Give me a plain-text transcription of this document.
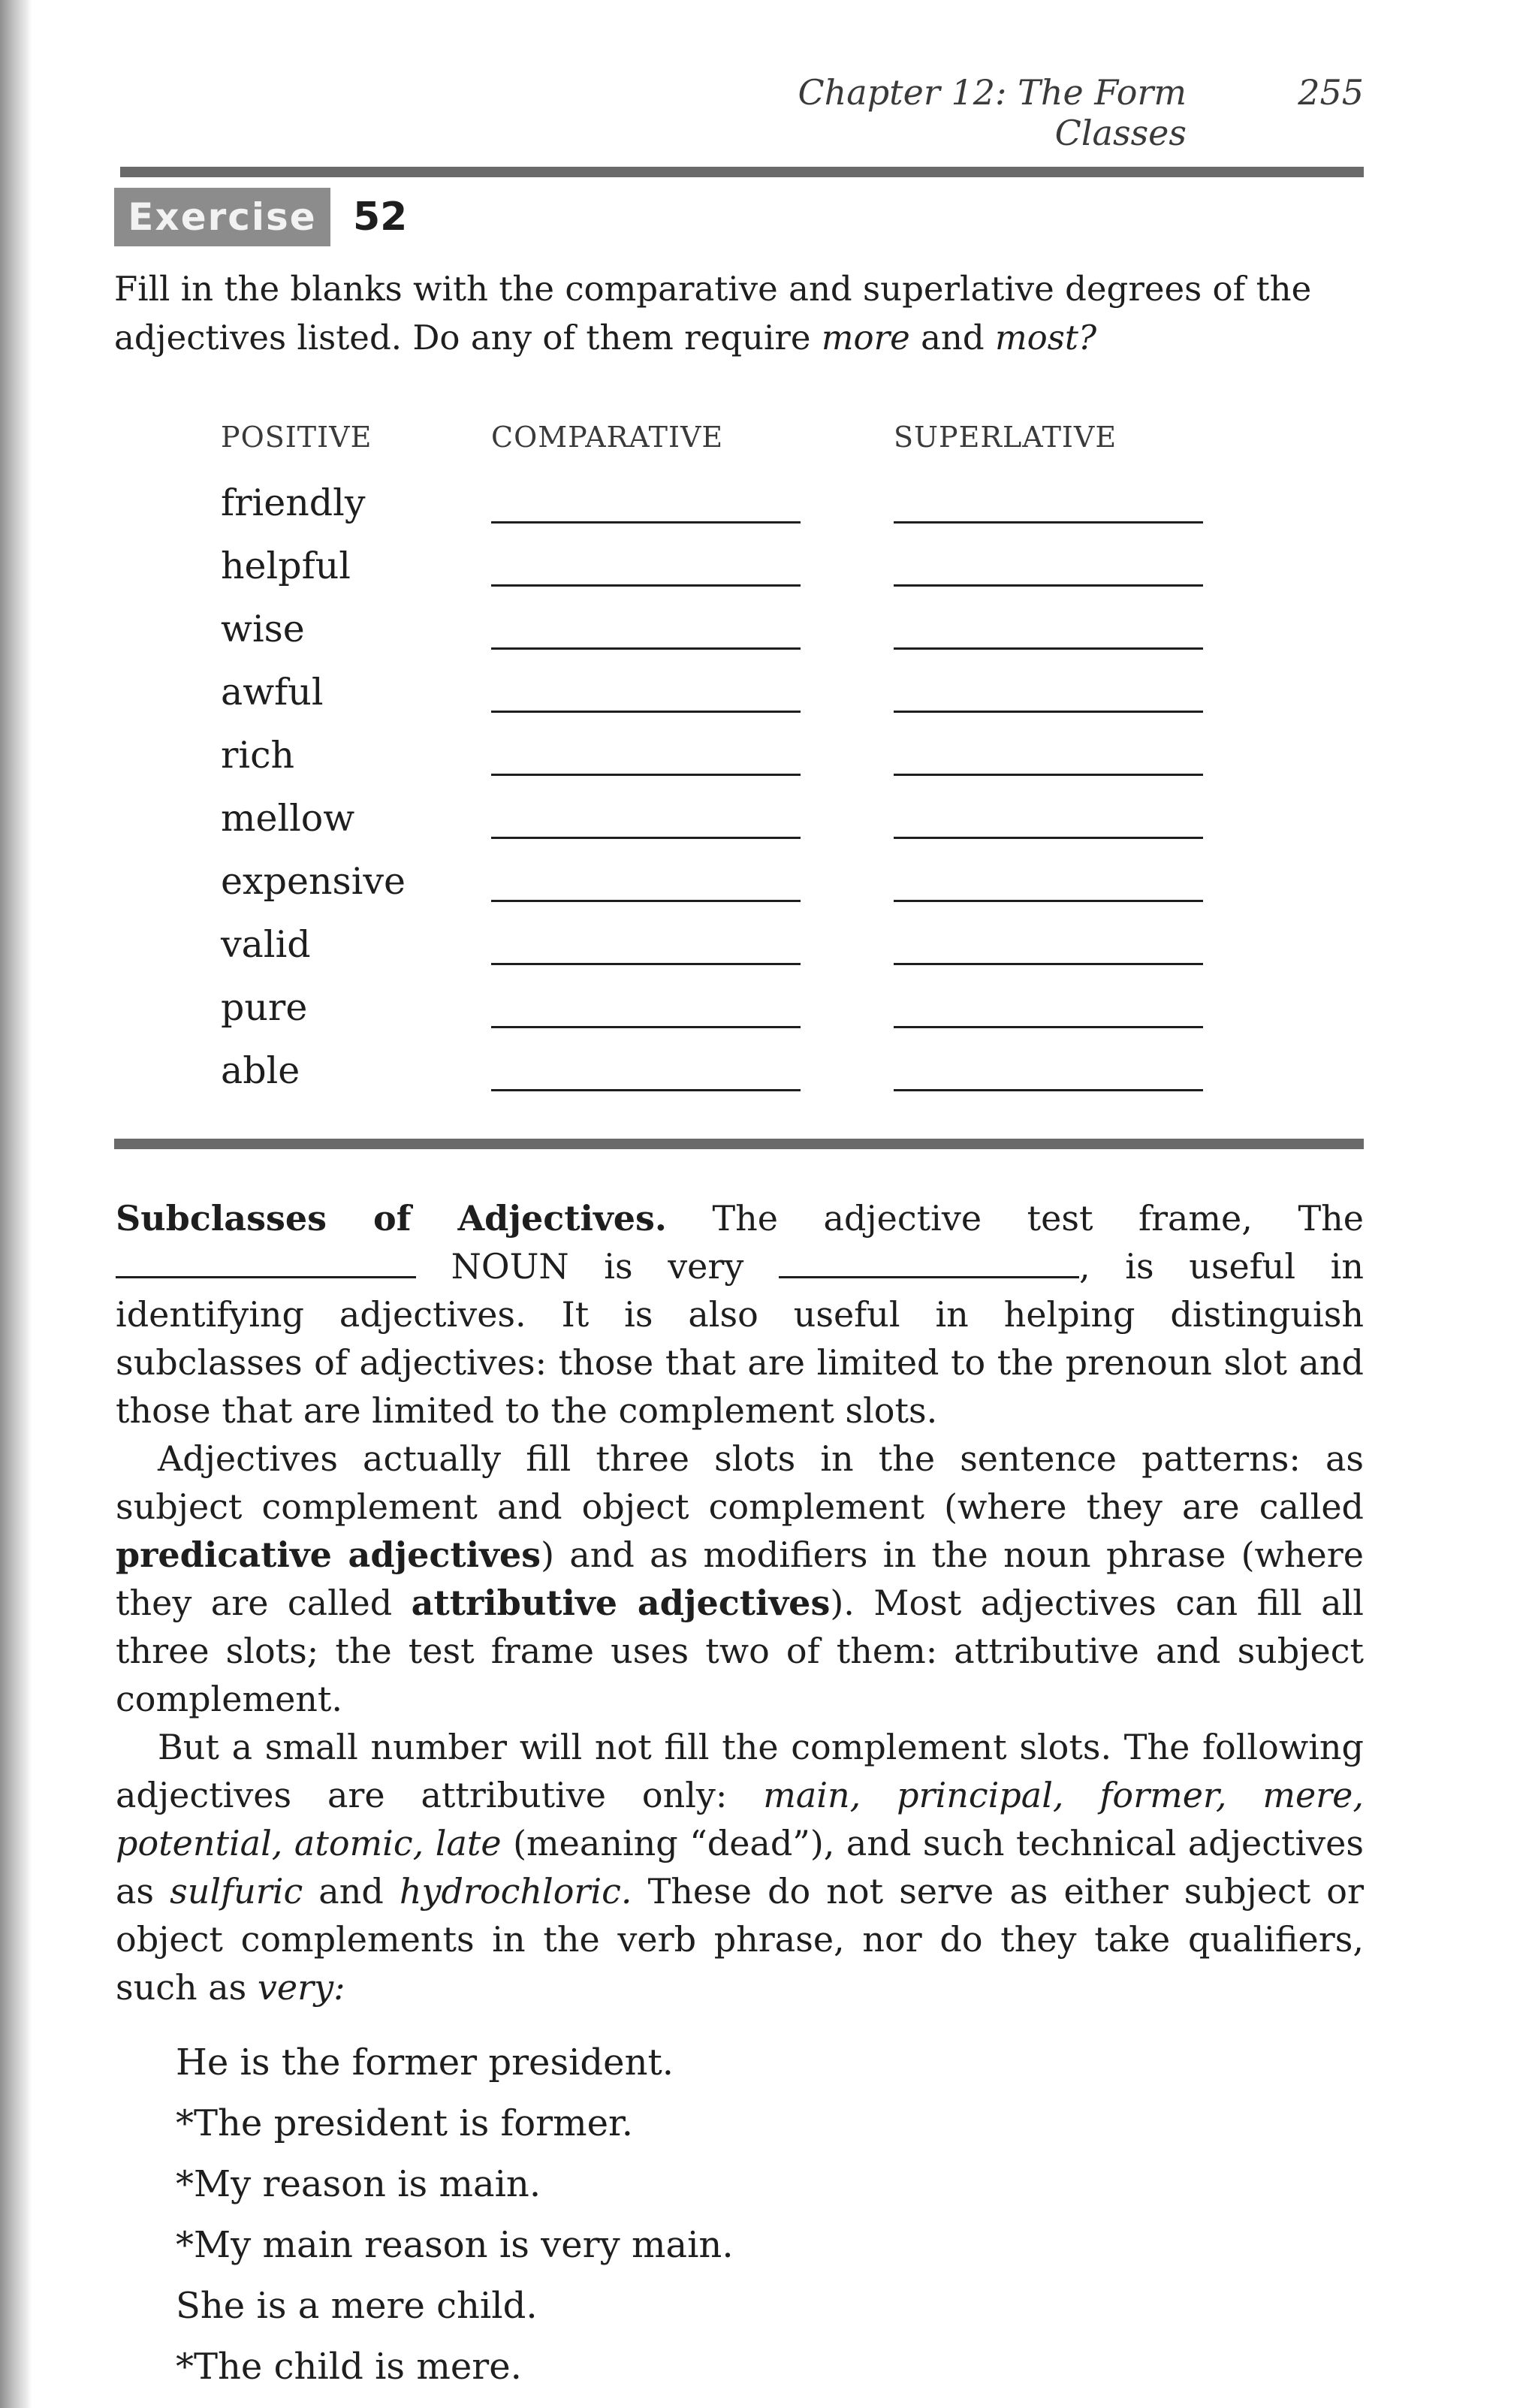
Chapter 12: The Form Classes
255
Exercise 52
Fill in the blanks with the comparative and superlative degrees of the adjectives listed. Do any of them require more and most?
POSITIVE	COMPARATIVE	SUPERLATIVE
friendly
helpful
wise
awful
rich
mellow
expensive
valid
pure
able

Subclasses of Adjectives. The adjective test frame, The NOUN is very	, is useful in identifying adjectives. It is also useful in helping distinguish subclasses of adjectives: those that are limited to the prenoun slot and those that are limited to the complement slots.

Adjectives actually fill three slots in the sentence patterns: as subject complement and object complement (where they are called predicative adjectives) and as modifiers in the noun phrase (where they are called attributive adjectives). Most adjectives can fill all three slots; the test frame uses two of them: attributive and subject complement.

But a small number will not fill the complement slots. The following adjectives are attributive only: main, principal, former, mere, potential, atomic, late (meaning “dead”), and such technical adjectives as sulfuric and hydrochloric. These do not serve as either subject or object complements in the verb phrase, nor do they take qualifiers, such as very:

He is the former president.
*The president is former.
*My reason is main.
*My main reason is very main.
She is a mere child.
*The child is mere.
